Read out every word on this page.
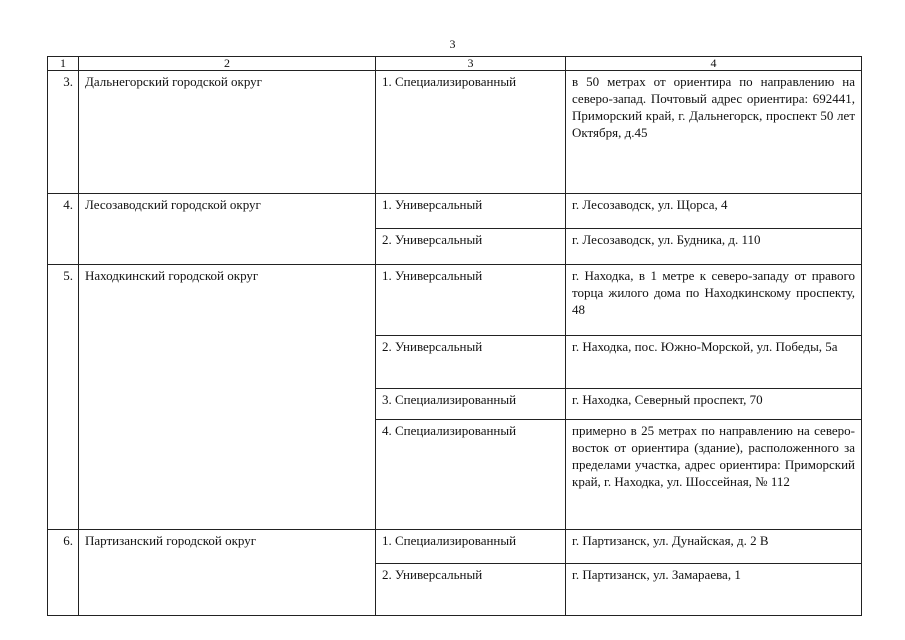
3
1	2	3	4
3.	Дальнегорский городской округ	1. Специализированный	в 50 метрах от ориентира по направлению на северо-запад. Почтовый адрес ориентира: 692441, Приморский край, г. Дальнегорск, проспект 50 лет Октября, д.45
4.	Лесозаводский городской округ	1. Универсальный	г. Лесозаводск, ул. Щорса, 4
		2. Универсальный	г. Лесозаводск, ул. Будника, д. 110
5.	Находкинский городской округ	1. Универсальный	г. Находка, в 1 метре к северо-западу от правого торца жилого дома по Находкинскому проспекту, 48
		2. Универсальный	г. Находка, пос. Южно-Морской, ул. Победы, 5а
		3. Специализированный	г. Находка, Северный проспект, 70
		4. Специализированный	примерно в 25 метрах по направлению на северо-восток от ориентира (здание), расположенного за пределами участка, адрес ориентира: Приморский край, г. Находка, ул. Шоссейная, № 112
6.	Партизанский городской округ	1. Специализированный	г. Партизанск, ул. Дунайская, д. 2 В
		2. Универсальный	г. Партизанск, ул. Замараева, 1
